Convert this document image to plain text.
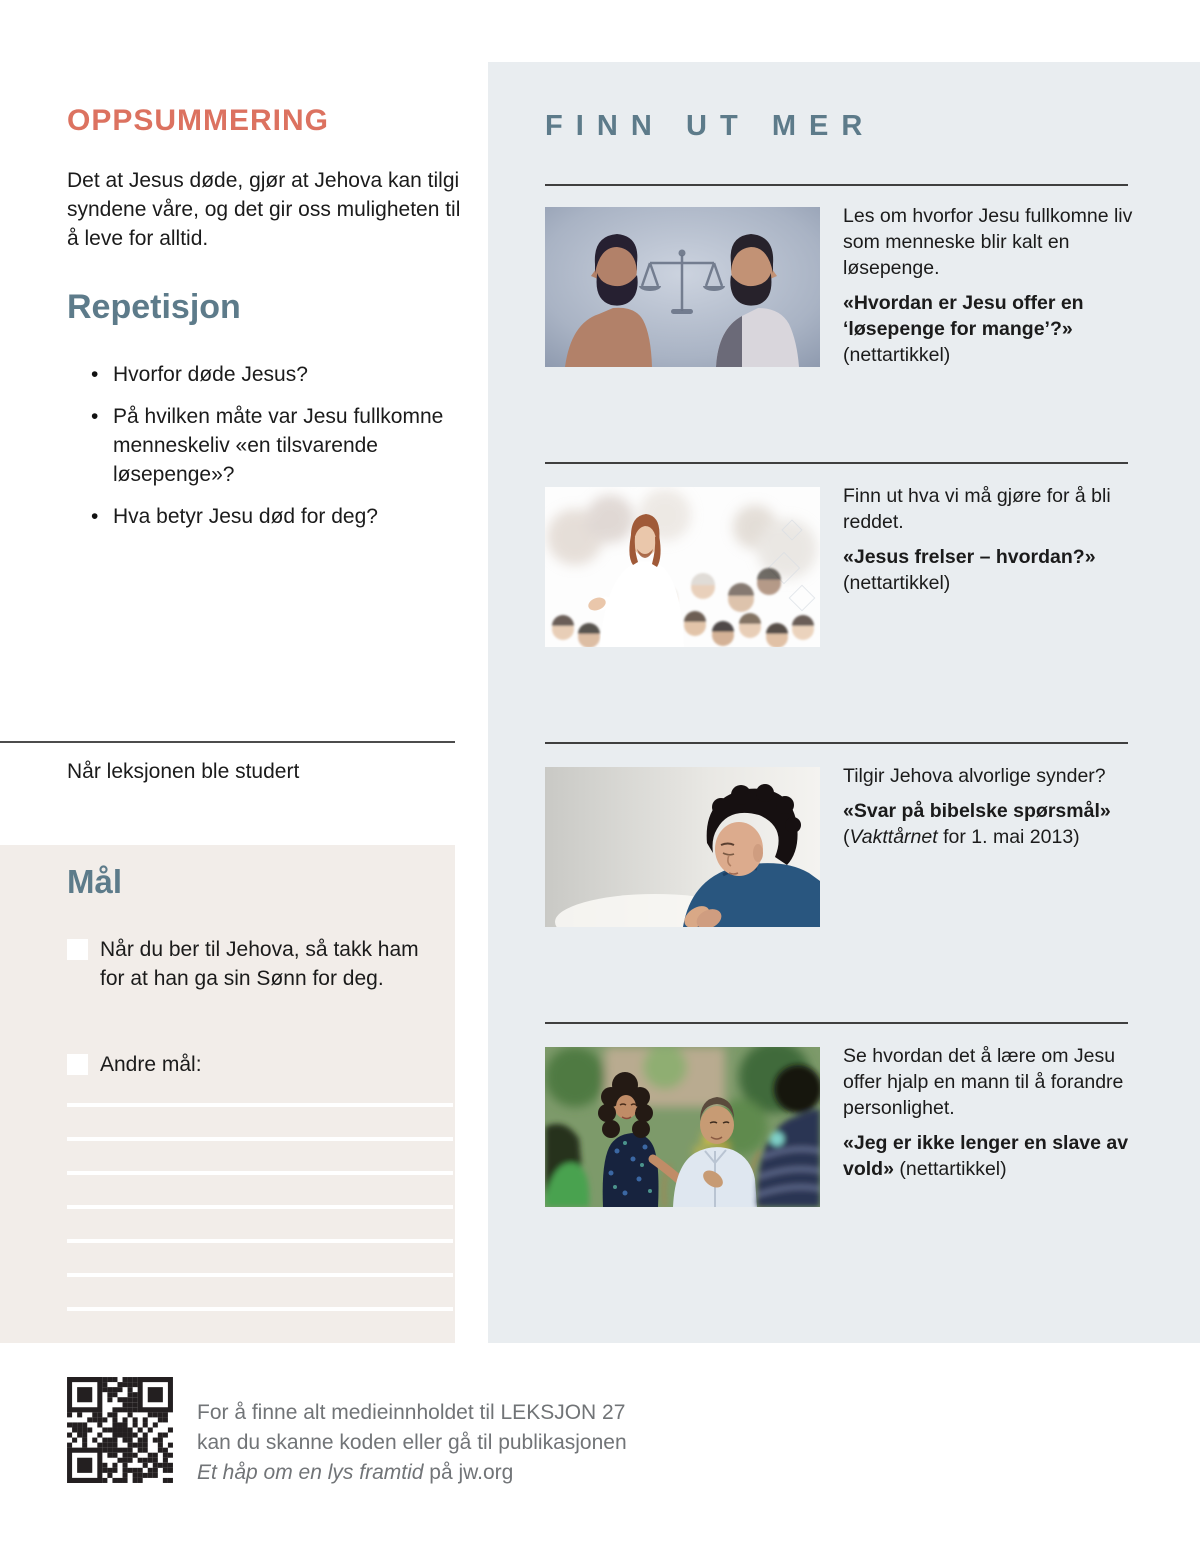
OPPSUMMERING

Det at Jesus døde, gjør at Jehova kan tilgi syndene våre, og det gir oss muligheten til å leve for alltid.

Repetisjon
• Hvorfor døde Jesus?
• På hvilken måte var Jesu fullkomne menneskeliv «en tilsvarende løsepenge»?
• Hva betyr Jesu død for deg?

Når leksjonen ble studert

Mål

Når du ber til Jehova, så takk ham for at han ga sin Sønn for deg.

Andre mål:

FINN UT MER

Les om hvorfor Jesu fullkomne liv som menneske blir kalt en løsepenge.

«Hvordan er Jesu offer en ‘løsepenge for mange’?»

(nettartikkel)

Finn ut hva vi må gjøre for å bli reddet.

«Jesus frelser – hvordan?»

(nettartikkel)

Tilgir Jehova alvorlige synder?

«Svar på bibelske spørsmål»

(Vakttårnet for 1. mai 2013)

Se hvordan det å lære om Jesu offer hjalp en mann til å forandre personlighet.

«Jeg er ikke lenger en slave av vold» (nettartikkel)

For å finne alt medieinnholdet til LEKSJON 27
kan du skanne koden eller gå til publikasjonen
Et håp om en lys framtid på jw.org
